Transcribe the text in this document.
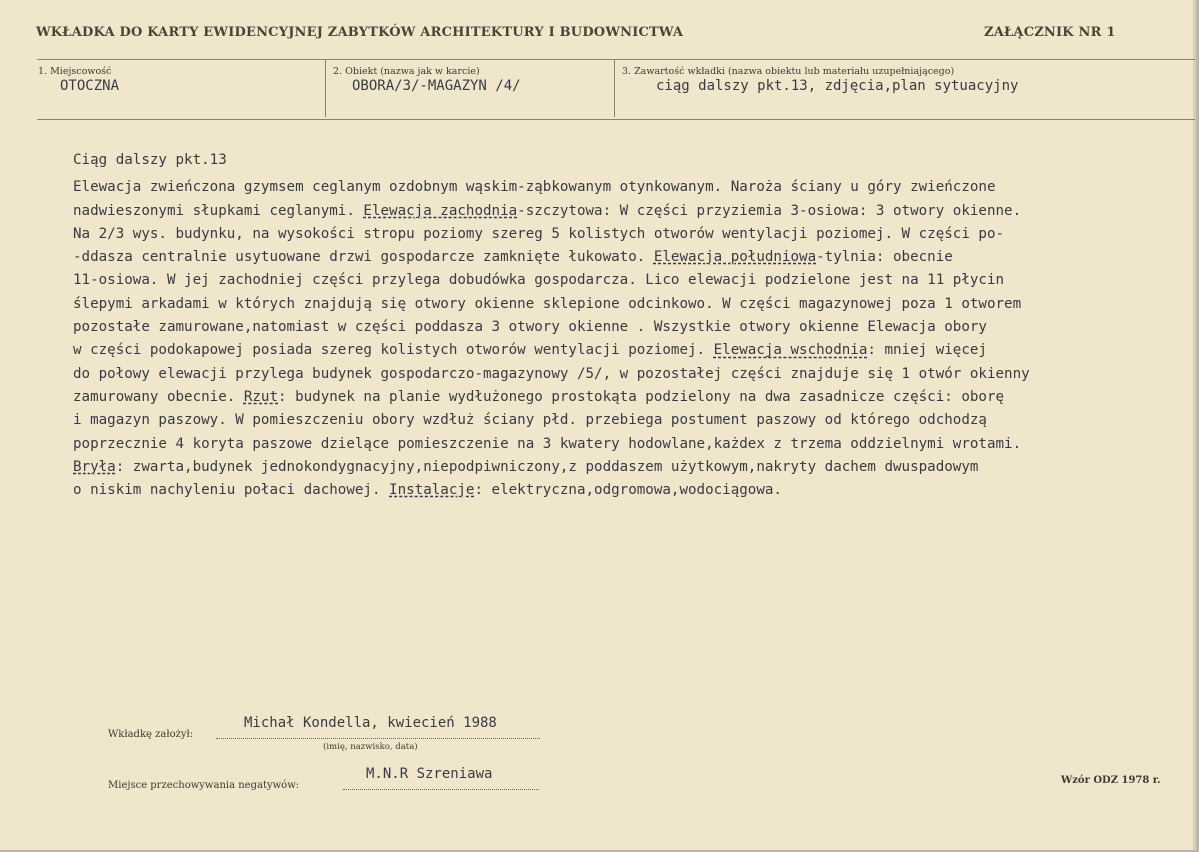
WKŁADKA DO KARTY EWIDENCYJNEJ ZABYTKÓW ARCHITEKTURY I BUDOWNICTWA	ZAŁĄCZNIK NR 1
1. Miejscowość
OTOCZNA
2. Obiekt (nazwa jak w karcie)
OBORA/3/-MAGAZYN /4/
3. Zawartość wkładki (nazwa obiektu lub materiału uzupełniającego)
ciąg dalszy pkt.13, zdjęcia,plan sytuacyjny

Ciąg dalszy pkt.13

Elewacja zwieńczona gzymsem ceglanym ozdobnym wąskim-ząbkowanym otynkowanym. Naroża ściany u góry zwieńczone

nadwieszonymi słupkami ceglanymi. Elewacja zachodnia-szczytowa: W części przyziemia 3-osiowa: 3 otwory okienne.

Na 2/3 wys. budynku, na wysokości stropu poziomy szereg 5 kolistych otworów wentylacji poziomej. W części po-

-ddasza centralnie usytuowane drzwi gospodarcze zamknięte łukowato. Elewacja południowa-tylnia: obecnie

11-osiowa. W jej zachodniej części przylega dobudówka gospodarcza. Lico elewacji podzielone jest na 11 płycin

ślepymi arkadami w których znajdują się otwory okienne sklepione odcinkowo. W części magazynowej poza 1 otworem

pozostałe zamurowane,natomiast w części poddasza 3 otwory okienne . Wszystkie otwory okienne Elewacja obory

w części podokapowej posiada szereg kolistych otworów wentylacji poziomej. Elewacja wschodnia: mniej więcej

do połowy elewacji przylega budynek gospodarczo-magazynowy /5/, w pozostałej części znajduje się 1 otwór okienny

zamurowany obecnie. Rzut: budynek na planie wydłużonego prostokąta podzielony na dwa zasadnicze części: oborę

i magazyn paszowy. W pomieszczeniu obory wzdłuż ściany płd. przebiega postument paszowy od którego odchodzą

poprzecznie 4 koryta paszowe dzielące pomieszczenie na 3 kwatery hodowlane,każdex z trzema oddzielnymi wrotami.

Bryła: zwarta,budynek jednokondygnacyjny,niepodpiwniczony,z poddaszem użytkowym,nakryty dachem dwuspadowym

o niskim nachyleniu połaci dachowej. Instalacje: elektryczna,odgromowa,wodociągowa.

Wkładkę założył:
Michał Kondella, kwiecień 1988
(imię, nazwisko, data)
Miejsce przechowywania negatywów:
M.N.R Szreniawa	Wzór ODZ 1978 r.
